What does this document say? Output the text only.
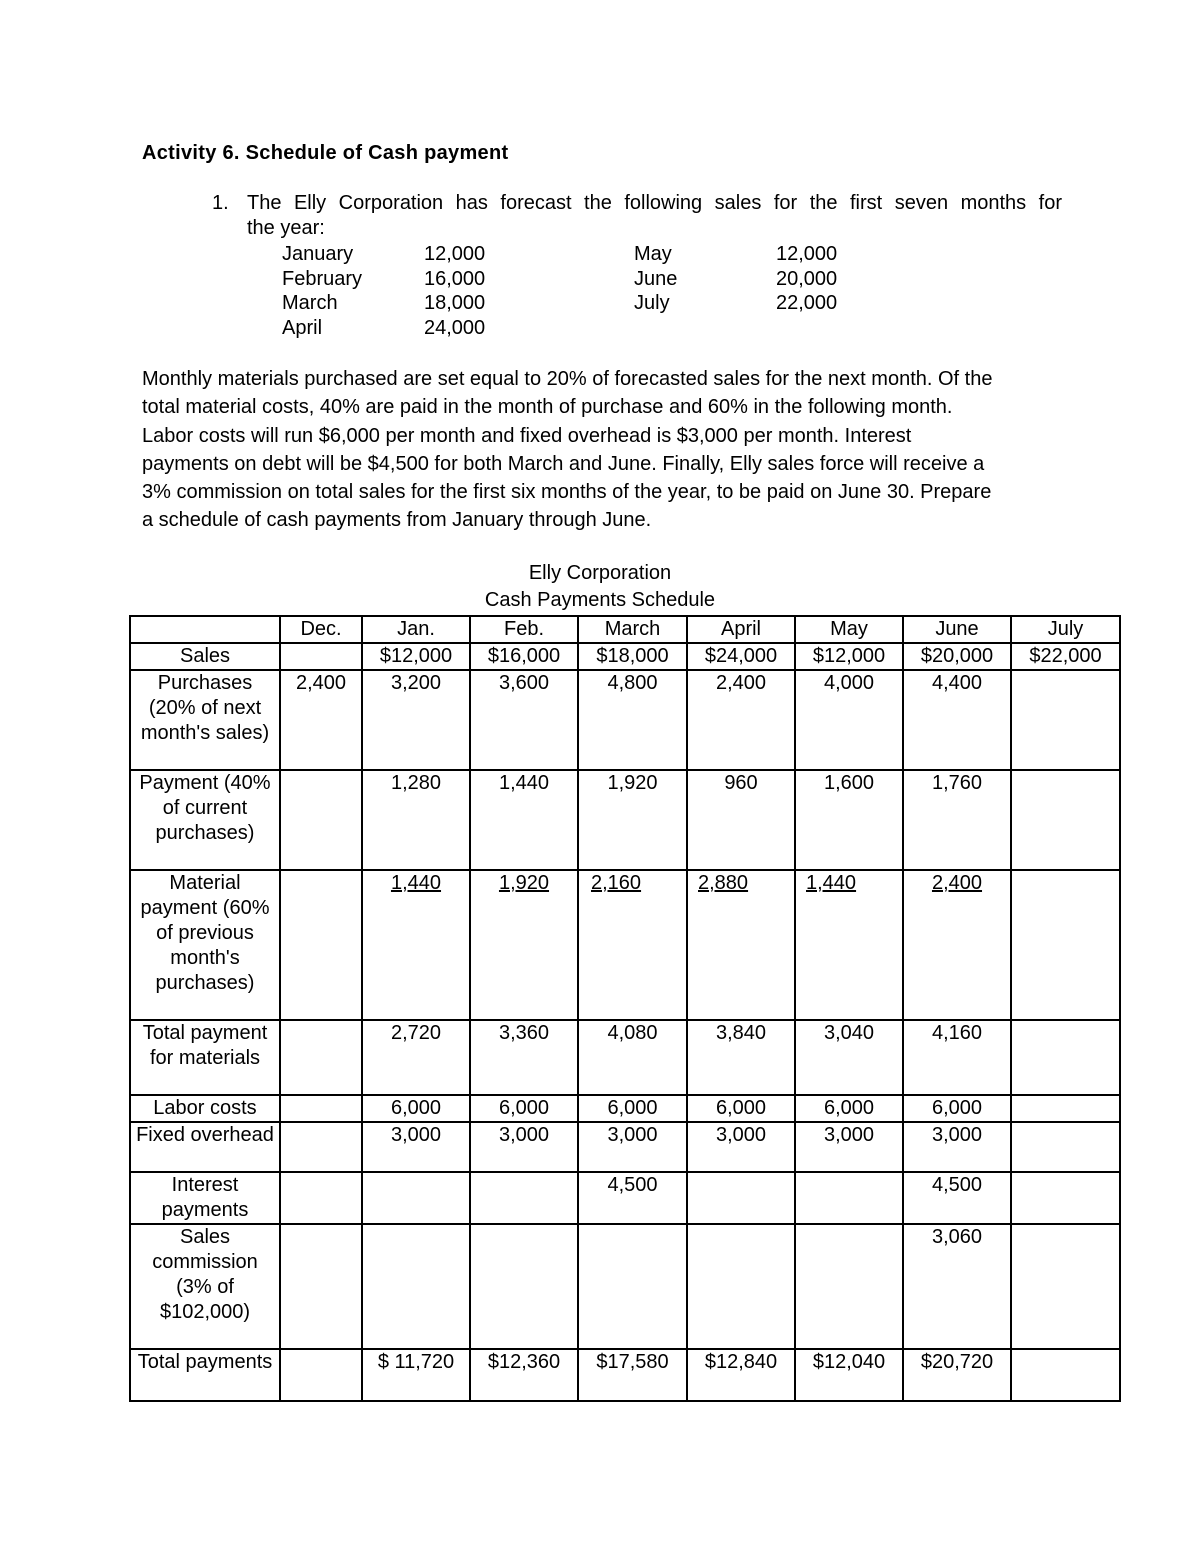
Activity 6. Schedule of Cash payment
1. The Elly Corporation has forecast the following sales for the first seven months for
the year:
January	12,000	May	12,000
February	16,000	June	20,000
March	18,000	July	22,000
April	24,000
Monthly materials purchased are set equal to 20% of forecasted sales for the next month. Of the
total material costs, 40% are paid in the month of purchase and 60% in the following month.
Labor costs will run $6,000 per month and fixed overhead is $3,000 per month. Interest
payments on debt will be $4,500 for both March and June. Finally, Elly sales force will receive a
3% commission on total sales for the first six months of the year, to be paid on June 30. Prepare
a schedule of cash payments from January through June.
Elly Corporation
Cash Payments Schedule
	Dec.	Jan.	Feb.	March	April	May	June	July
Sales		$12,000	$16,000	$18,000	$24,000	$12,000	$20,000	$22,000
Purchases (20% of next month's sales)	2,400	3,200	3,600	4,800	2,400	4,000	4,400	
Payment (40% of current purchases)		1,280	1,440	1,920	960	1,600	1,760	
Material payment (60% of previous month's purchases)		1,440	1,920	2,160	2,880	1,440	2,400	
Total payment for materials		2,720	3,360	4,080	3,840	3,040	4,160	
Labor costs		6,000	6,000	6,000	6,000	6,000	6,000	
Fixed overhead		3,000	3,000	3,000	3,000	3,000	3,000	
Interest payments				4,500			4,500	
Sales commission (3% of $102,000)							3,060	
Total payments		$ 11,720	$12,360	$17,580	$12,840	$12,040	$20,720	
